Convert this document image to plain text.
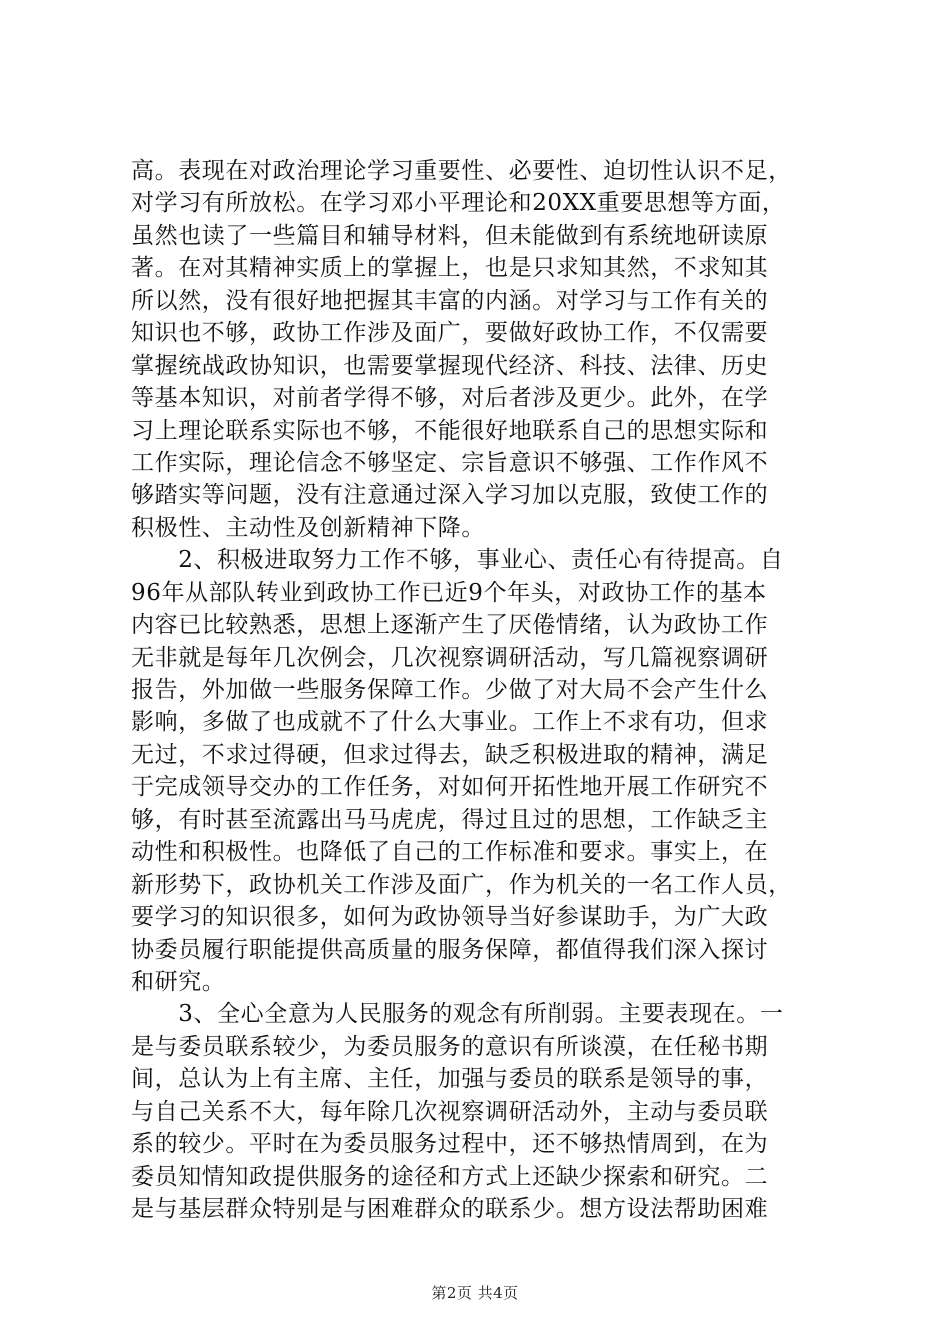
高。表现在对政治理论学习重要性、必要性、迫切性认识不足，
对学习有所放松。在学习邓小平理论和20XX重要思想等方面，
虽然也读了一些篇目和辅导材料，但未能做到有系统地研读原
著。在对其精神实质上的掌握上，也是只求知其然，不求知其
所以然，没有很好地把握其丰富的内涵。对学习与工作有关的
知识也不够，政协工作涉及面广，要做好政协工作，不仅需要
掌握统战政协知识，也需要掌握现代经济、科技、法律、历史
等基本知识，对前者学得不够，对后者涉及更少。此外，在学
习上理论联系实际也不够，不能很好地联系自己的思想实际和
工作实际，理论信念不够坚定、宗旨意识不够强、工作作风不
够踏实等问题，没有注意通过深入学习加以克服，致使工作的
积极性、主动性及创新精神下降。
　　2、积极进取努力工作不够，事业心、责任心有待提高。自
96年从部队转业到政协工作已近9个年头，对政协工作的基本
内容已比较熟悉，思想上逐渐产生了厌倦情绪，认为政协工作
无非就是每年几次例会，几次视察调研活动，写几篇视察调研
报告，外加做一些服务保障工作。少做了对大局不会产生什么
影响，多做了也成就不了什么大事业。工作上不求有功，但求
无过，不求过得硬，但求过得去，缺乏积极进取的精神，满足
于完成领导交办的工作任务，对如何开拓性地开展工作研究不
够，有时甚至流露出马马虎虎，得过且过的思想，工作缺乏主
动性和积极性。也降低了自己的工作标准和要求。事实上，在
新形势下，政协机关工作涉及面广，作为机关的一名工作人员，
要学习的知识很多，如何为政协领导当好参谋助手，为广大政
协委员履行职能提供高质量的服务保障，都值得我们深入探讨
和研究。
　　3、全心全意为人民服务的观念有所削弱。主要表现在。一
是与委员联系较少，为委员服务的意识有所谈漠，在任秘书期
间，总认为上有主席、主任，加强与委员的联系是领导的事，
与自己关系不大，每年除几次视察调研活动外，主动与委员联
系的较少。平时在为委员服务过程中，还不够热情周到，在为
委员知情知政提供服务的途径和方式上还缺少探索和研究。二
是与基层群众特别是与困难群众的联系少。想方设法帮助困难
第2页 共4页
